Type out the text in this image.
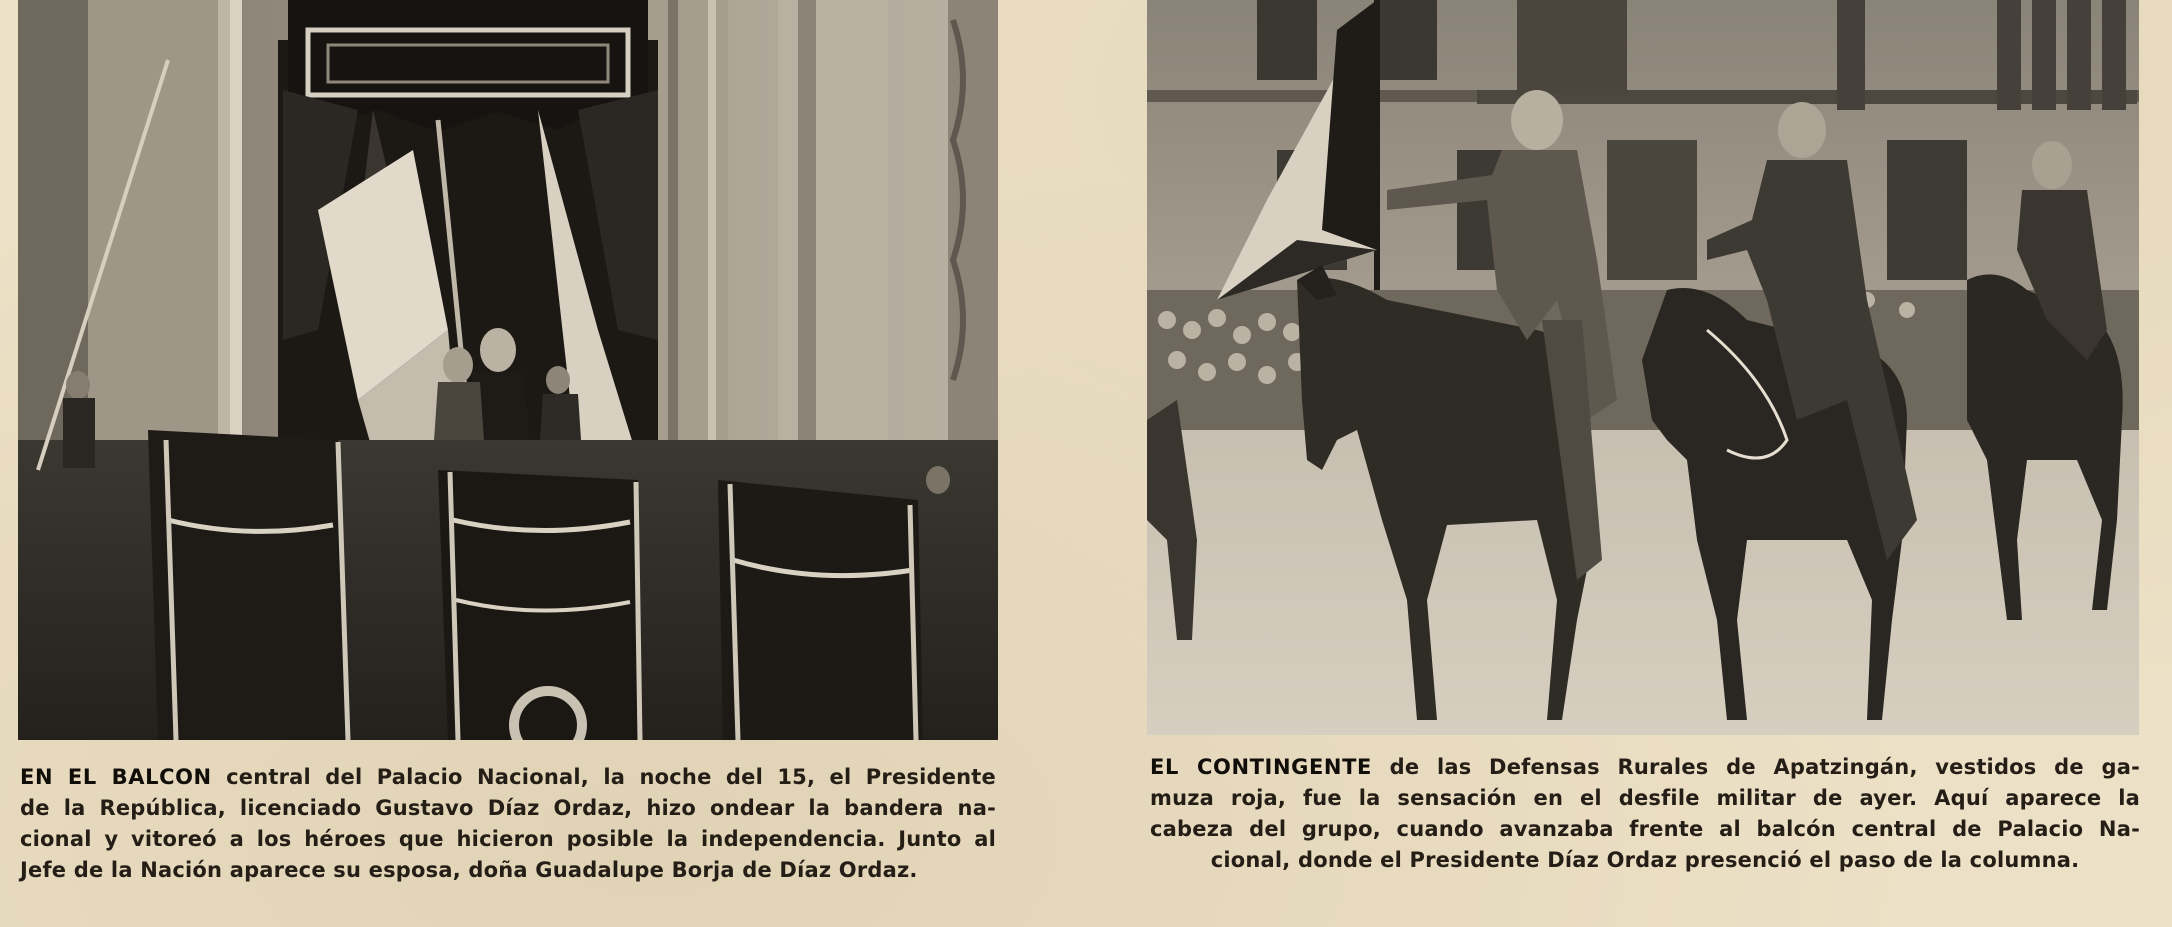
EN EL BALCON central del Palacio Nacional, la noche del 15, el Presidente
de la República, licenciado Gustavo Díaz Ordaz, hizo ondear la bandera na-
cional y vitoreó a los héroes que hicieron posible la independencia. Junto al
Jefe de la Nación aparece su esposa, doña Guadalupe Borja de Díaz Ordaz.
EL CONTINGENTE de las Defensas Rurales de Apatzingán, vestidos de ga-
muza roja, fue la sensación en el desfile militar de ayer. Aquí aparece la
cabeza del grupo, cuando avanzaba frente al balcón central de Palacio Na-
cional, donde el Presidente Díaz Ordaz presenció el paso de la columna.
